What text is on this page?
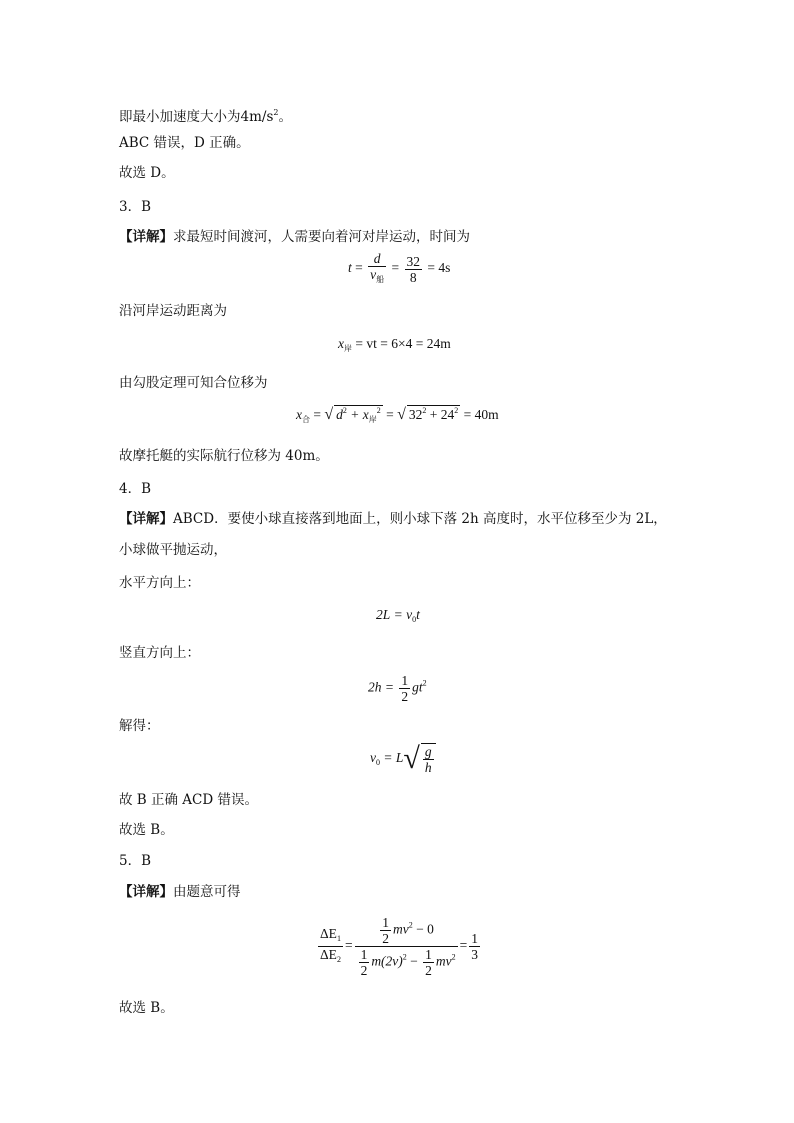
即最小加速度大小为$4m/s^2$。
ABC 错误，D 正确。
故选 D。
3．B
【详解】求最短时间渡河，人需要向着河对岸运动，时间为
$t = \frac{d}{v_船} = \frac{32}{8} = 4s$
沿河岸运动距离为
$x_岸$ = vt = 6×4 = 24m
由勾股定理可知合位移为
$x_合$ = √ $d^2 + x_岸^2$ = √ $32^2 + 24^2 = 40m$
故摩托艇的实际航行位移为 40m。
4．B
【详解】ABCD．要使小球直接落到地面上，则小球下落 2h 高度时，水平位移至少为 2L，
小球做平抛运动，
水平方向上：
$2L = v_0t$
竖直方向上：
$2h = \frac{1}{2} gt^2$
解得：
$v_0 = L√ \frac{g}{h}$
故 B 正确 ACD 错误。
故选 B。
5．B
【详解】由题意可得
$\frac{\Delta E_1}{\Delta E_2} = \frac{\frac{1}{2} mv^2 - 0}{\frac{1}{2} m(2v)^2 - \frac{1}{2} mv^2} = \frac{1}{3}$
故选 B。
